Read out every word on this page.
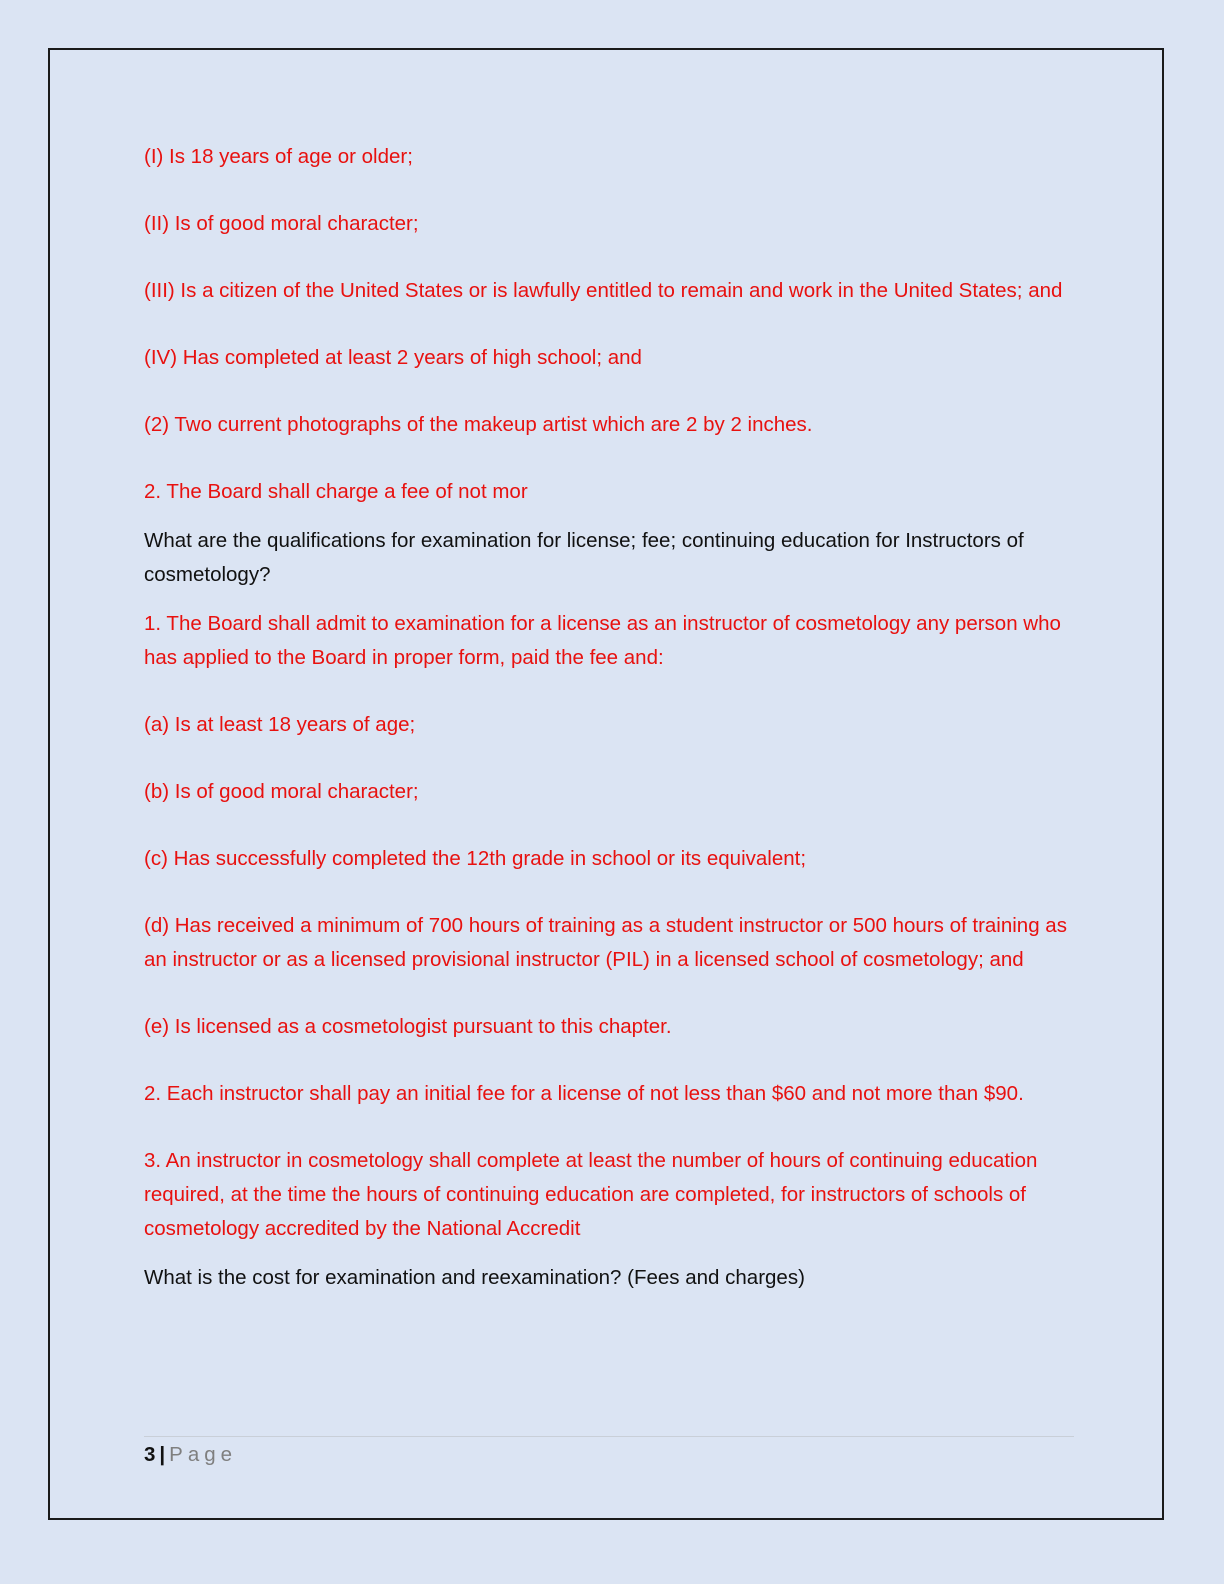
(I) Is 18 years of age or older;

(II) Is of good moral character;

(III) Is a citizen of the United States or is lawfully entitled to remain and work in the United States; and

(IV) Has completed at least 2 years of high school; and

(2) Two current photographs of the makeup artist which are 2 by 2 inches.

2. The Board shall charge a fee of not mor

What are the qualifications for examination for license; fee; continuing education for Instructors of cosmetology?

1. The Board shall admit to examination for a license as an instructor of cosmetology any person who has applied to the Board in proper form, paid the fee and:

(a) Is at least 18 years of age;

(b) Is of good moral character;

(c) Has successfully completed the 12th grade in school or its equivalent;

(d) Has received a minimum of 700 hours of training as a student instructor or 500 hours of training as an instructor or as a licensed provisional instructor (PIL) in a licensed school of cosmetology; and

(e) Is licensed as a cosmetologist pursuant to this chapter.

2. Each instructor shall pay an initial fee for a license of not less than $60 and not more than $90.

3. An instructor in cosmetology shall complete at least the number of hours of continuing education required, at the time the hours of continuing education are completed, for instructors of schools of cosmetology accredited by the National Accredit

What is the cost for examination and reexamination? (Fees and charges)

3 | Page
